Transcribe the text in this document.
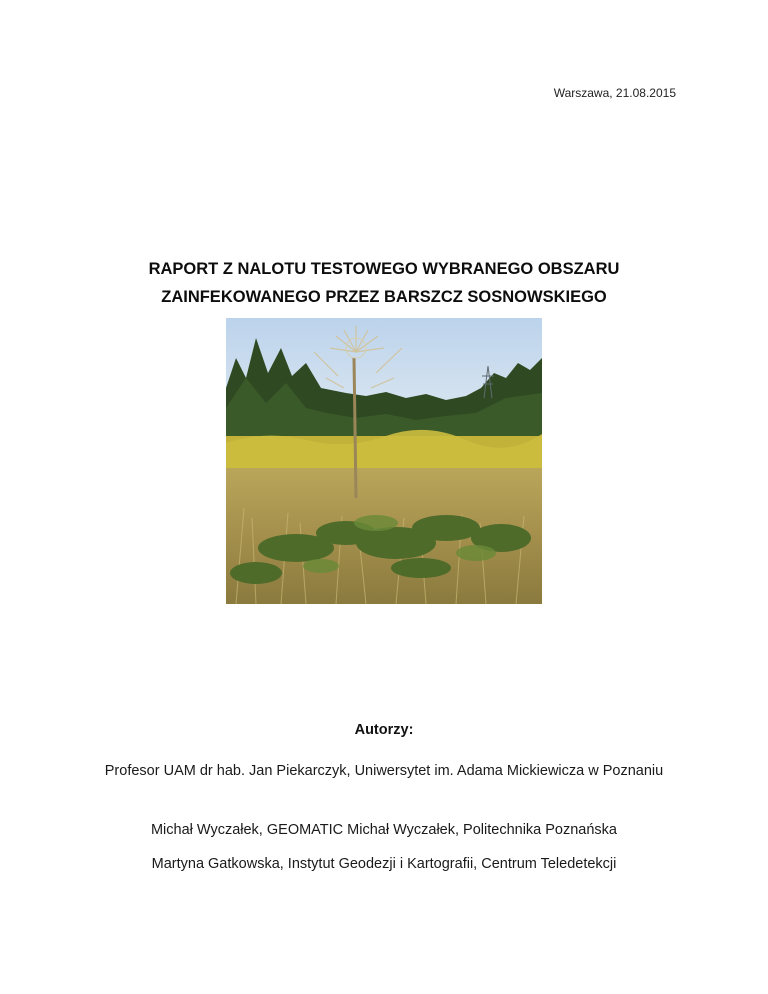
Warszawa, 21.08.2015
RAPORT Z NALOTU TESTOWEGO WYBRANEGO OBSZARU
ZAINFEKOWANEGO PRZEZ BARSZCZ SOSNOWSKIEGO
Autorzy:
Profesor UAM dr hab. Jan Piekarczyk, Uniwersytet im. Adama Mickiewicza w Poznaniu
Michał Wyczałek, GEOMATIC Michał Wyczałek, Politechnika Poznańska
Martyna Gatkowska, Instytut Geodezji i Kartografii, Centrum Teledetekcji
